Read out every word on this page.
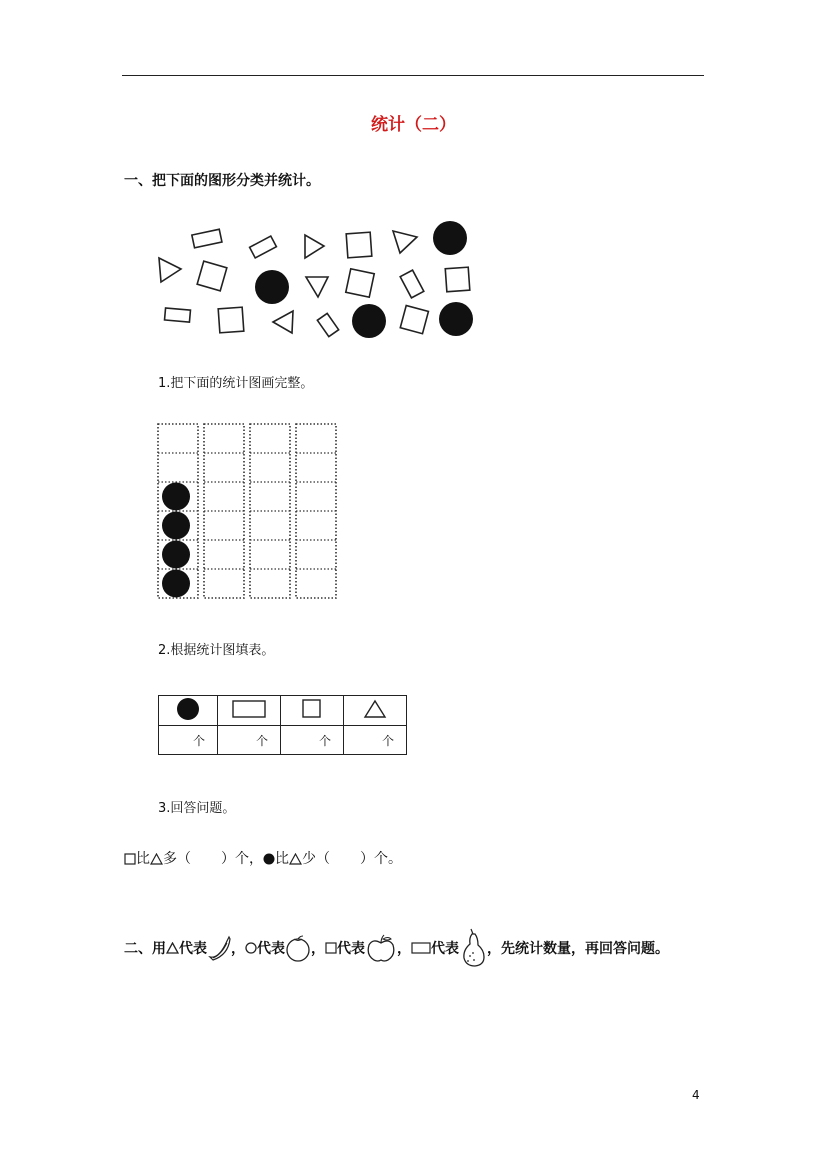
统计（二）
一、把下面的图形分类并统计。
1.把下面的统计图画完整。
2.根据统计图填表。

个	个	个	个
3.回答问题。
比 多（ ）个， 比 少（ ）个。
二、用 代表 ， 代表 ， 代表 ， 代表 ，先统计数量，再回答问题。
4
